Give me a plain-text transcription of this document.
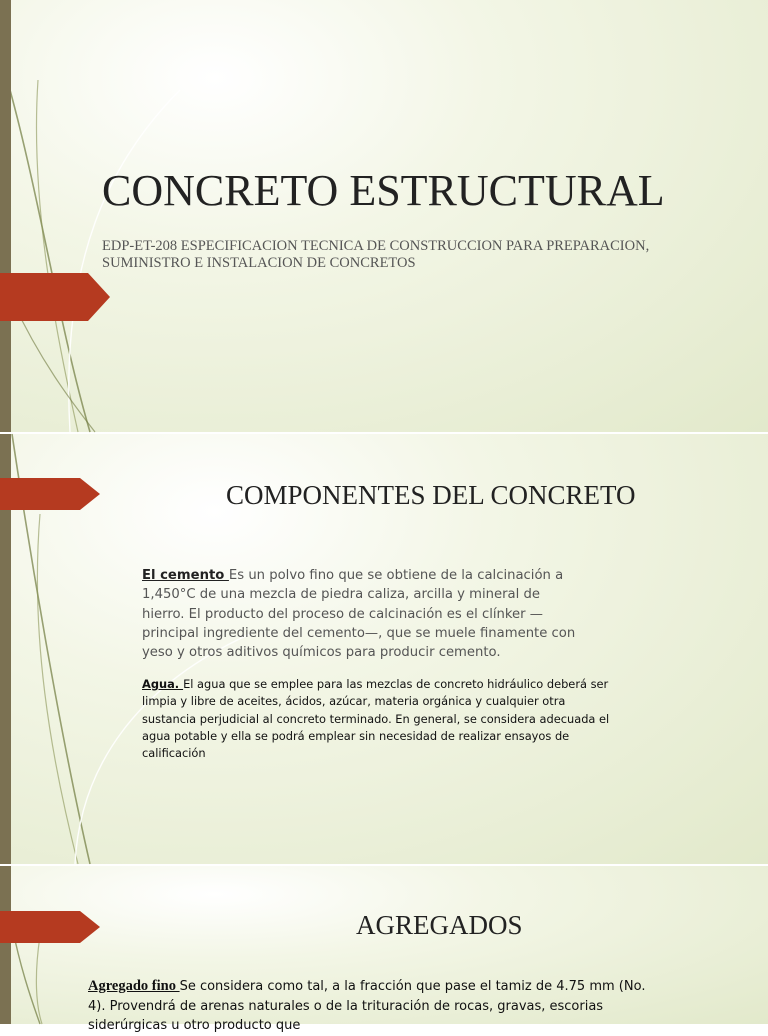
CONCRETO ESTRUCTURAL
EDP-ET-208 ESPECIFICACION TECNICA DE CONSTRUCCION PARA PREPARACION, SUMINISTRO E INSTALACION DE CONCRETOS
COMPONENTES DEL CONCRETO
El cemento Es un polvo fino que se obtiene de la calcinación a 1,450°C de una mezcla de piedra caliza, arcilla y mineral de hierro. El producto del proceso de calcinación es el clínker —principal ingrediente del cemento—, que se muele finamente con yeso y otros aditivos químicos para producir cemento.
Agua. El agua que se emplee para las mezclas de concreto hidráulico deberá ser limpia y libre de aceites, ácidos, azúcar, materia orgánica y cualquier otra sustancia perjudicial al concreto terminado. En general, se considera adecuada el agua potable y ella se podrá emplear sin necesidad de realizar ensayos de calificación
AGREGADOS
Agregado fino Se considera como tal, a la fracción que pase el tamiz de 4.75 mm (No. 4). Provendrá de arenas naturales o de la trituración de rocas, gravas, escorias siderúrgicas u otro producto que
